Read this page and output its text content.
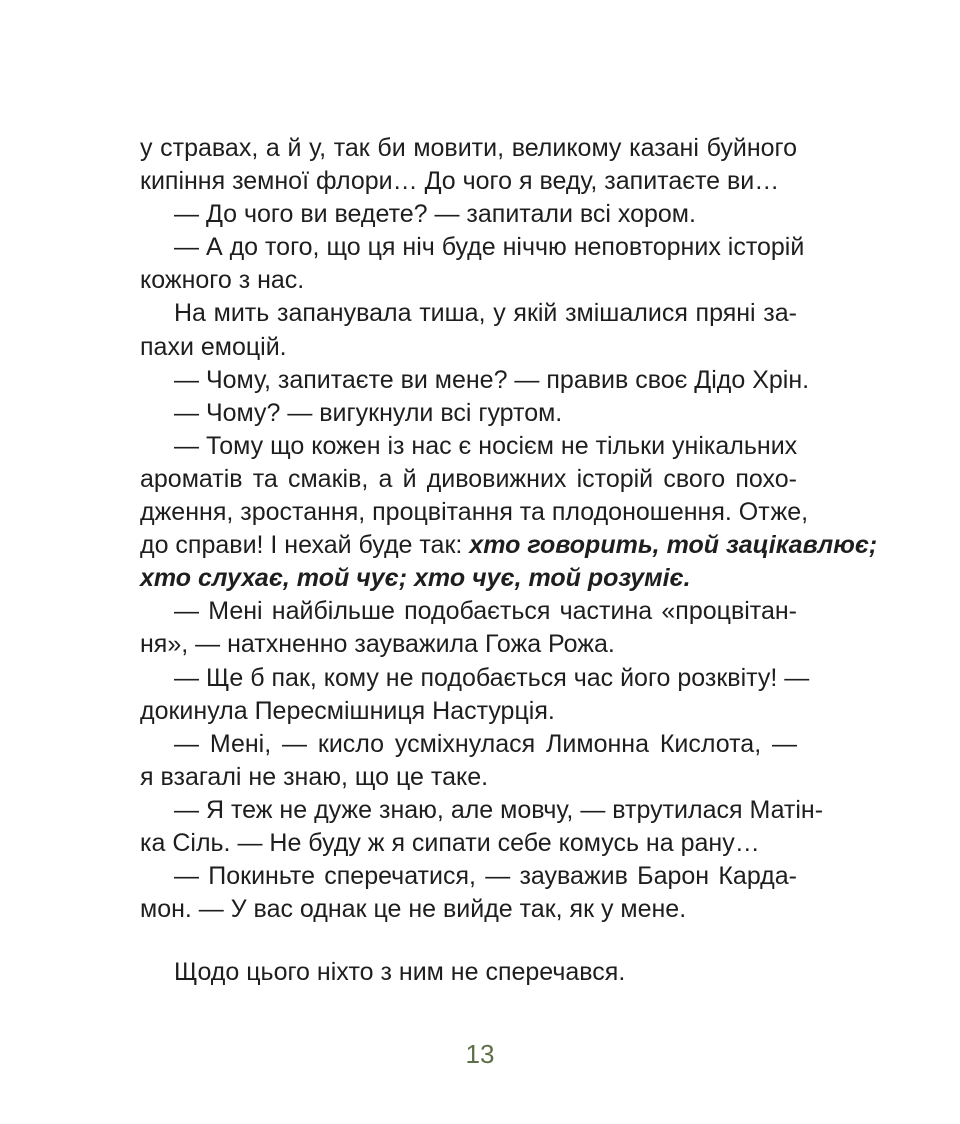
у стравах, а й у, так би мовити, великому казані буйного
кипіння земної флори… До чого я веду, запитаєте ви…
— До чого ви ведете? — запитали всі хором.
— А до того, що ця ніч буде ніччю неповторних історій
кожного з нас.
На мить запанувала тиша, у якій змішалися пряні за-
пахи емоцій.
— Чому, запитаєте ви мене? — правив своє Дідо Хрін.
— Чому? — вигукнули всі гуртом.
— Тому що кожен із нас є носієм не тільки унікальних
ароматів та смаків, а й дивовижних історій свого похо-
дження, зростання, процвітання та плодоношення. Отже,
до справи! І нехай буде так: хто говорить, той зацікавлює;
хто слухає, той чує; хто чує, той розуміє.
— Мені найбільше подобається частина «процвітан-
ня», — натхненно зауважила Гожа Рожа.
— Ще б пак, кому не подобається час його розквіту! —
докинула Пересмішниця Настурція.
— Мені, — кисло усміхнулася Лимонна Кислота, —
я взагалі не знаю, що це таке.
— Я теж не дуже знаю, але мовчу, — втрутилася Матін-
ка Сіль. — Не буду ж я сипати себе комусь на рану…
— Покиньте сперечатися, — зауважив Барон Карда-
мон. — У вас однак це не вийде так, як у мене.
Щодо цього ніхто з ним не сперечався.
13
